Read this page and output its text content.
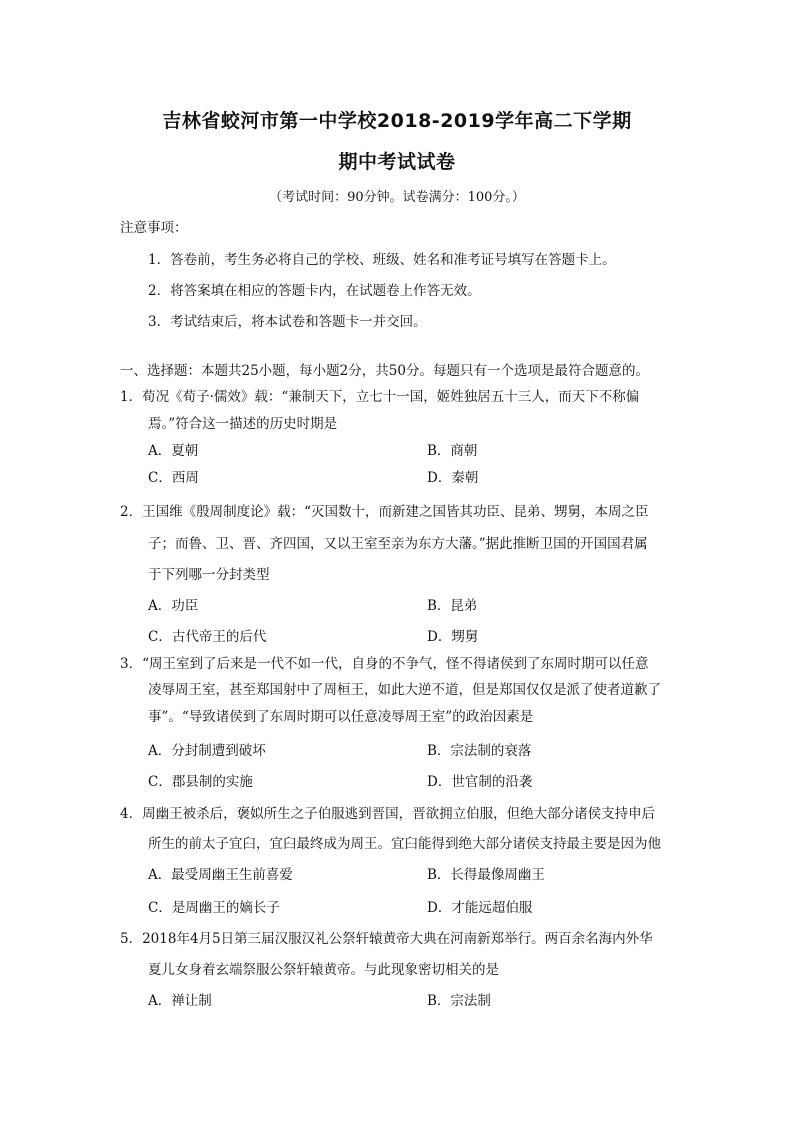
吉林省蛟河市第一中学校2018-2019学年高二下学期
期中考试试卷
（考试时间：90分钟。试卷满分：100分。）
注意事项：
1．答卷前，考生务必将自己的学校、班级、姓名和准考证号填写在答题卡上。
2．将答案填在相应的答题卡内，在试题卷上作答无效。
3．考试结束后，将本试卷和答题卡一并交回。
一、选择题：本题共25小题，每小题2分，共50分。每题只有一个选项是最符合题意的。
1．荀况《荀子·儒效》载：“兼制天下，立七十一国，姬姓独居五十三人，而天下不称偏
焉。”符合这一描述的历史时期是
A．夏朝	B．商朝
C．西周	D．秦朝
2．王国维《殷周制度论》载：“灭国数十，而新建之国皆其功臣、昆弟、甥舅，本周之臣
子；而鲁、卫、晋、齐四国，又以王室至亲为东方大藩。”据此推断卫国的开国国君属
于下列哪一分封类型
A．功臣	B．昆弟
C．古代帝王的后代	D．甥舅
3．“周王室到了后来是一代不如一代，自身的不争气，怪不得诸侯到了东周时期可以任意
凌辱周王室，甚至郑国射中了周桓王，如此大逆不道，但是郑国仅仅是派了使者道歉了
事”。“导致诸侯到了东周时期可以任意凌辱周王室”的政治因素是
A．分封制遭到破坏	B．宗法制的衰落
C．郡县制的实施	D．世官制的沿袭
4．周幽王被杀后，褒姒所生之子伯服逃到晋国，晋欲拥立伯服，但绝大部分诸侯支持申后
所生的前太子宜臼，宜臼最终成为周王。宜臼能得到绝大部分诸侯支持最主要是因为他
A．最受周幽王生前喜爱	B．长得最像周幽王
C．是周幽王的嫡长子	D．才能远超伯服
5．2018年4月5日第三届汉服汉礼公祭轩辕黄帝大典在河南新郑举行。两百余名海内外华
夏儿女身着玄端祭服公祭轩辕黄帝。与此现象密切相关的是
A．禅让制	B．宗法制
